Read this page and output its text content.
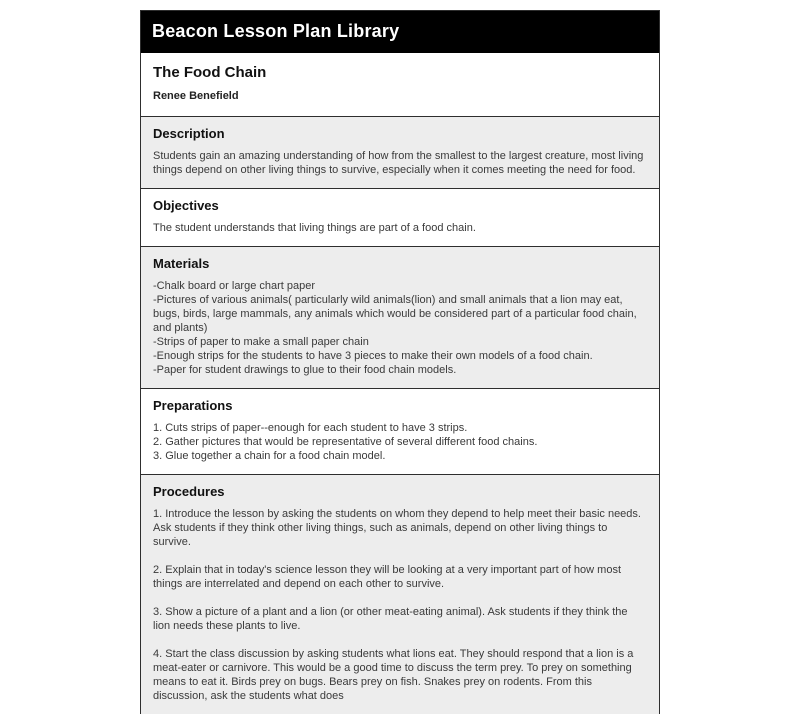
Beacon Lesson Plan Library
The Food Chain

Renee Benefield

Description

Students gain an amazing understanding of how from the smallest to the largest creature, most living things depend on other living things to survive, especially when it comes meeting the need for food.

Objectives

The student understands that living things are part of a food chain.

Materials

-Chalk board or large chart paper

-Pictures of various animals( particularly wild animals(lion) and small animals that a lion may eat, bugs, birds, large mammals, any animals which would be considered part of a particular food chain, and plants)

-Strips of paper to make a small paper chain

-Enough strips for the students to have 3 pieces to make their own models of a food chain.

-Paper for student drawings to glue to their food chain models.

Preparations

1. Cuts strips of paper--enough for each student to have 3 strips.

2. Gather pictures that would be representative of several different food chains.

3. Glue together a chain for a food chain model.

Procedures

1. Introduce the lesson by asking the students on whom they depend to help meet their basic needs. Ask students if they think other living things, such as animals, depend on other living things to survive.

2. Explain that in today's science lesson they will be looking at a very important part of how most things are interrelated and depend on each other to survive.

3. Show a picture of a plant and a lion (or other meat-eating animal). Ask students if they think the lion needs these plants to live.

4. Start the class discussion by asking students what lions eat. They should respond that a lion is a meat-eater or carnivore. This would be a good time to discuss the term prey. To prey on something means to eat it. Birds prey on bugs. Bears prey on fish. Snakes prey on rodents. From this discussion, ask the students what does
